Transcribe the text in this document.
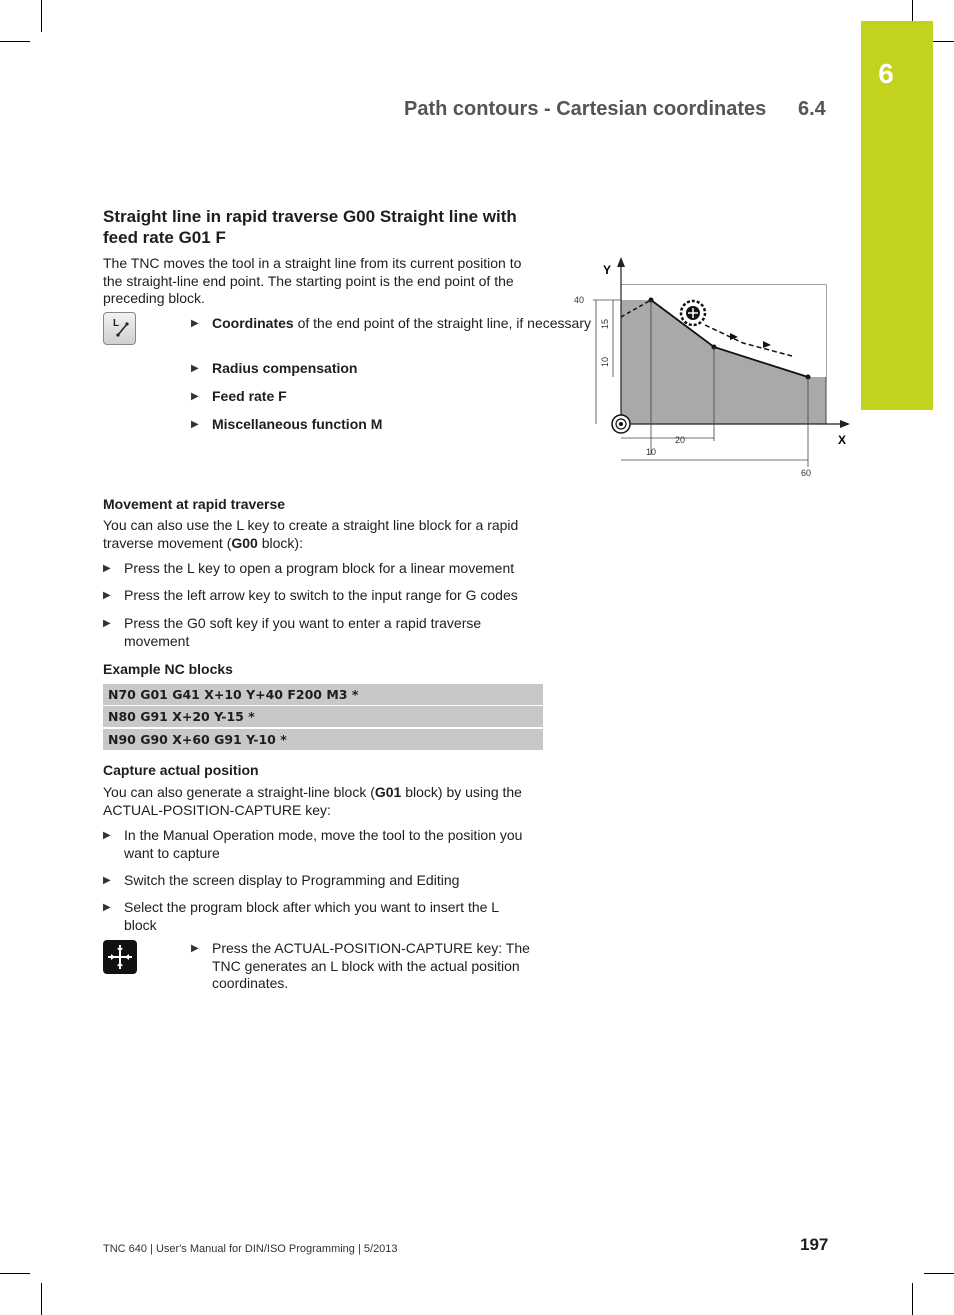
6
Path contours - Cartesian coordinates 6.4
Straight line in rapid traverse G00 Straight line with feed rate G01 F
The TNC moves the tool in a straight line from its current position to the straight-line end point. The starting point is the end point of the preceding block.
L	▶ Coordinates of the end point of the straight line, if necessary
▶ Radius compensation
▶ Feed rate F
▶ Miscellaneous function M
Y
X
40
15
10
20
10
60
Movement at rapid traverse
You can also use the L key to create a straight line block for a rapid traverse movement (G00 block):
▶ Press the L key to open a program block for a linear movement
▶ Press the left arrow key to switch to the input range for G codes
▶ Press the G0 soft key if you want to enter a rapid traverse movement
Example NC blocks
N70 G01 G41 X+10 Y+40 F200 M3 *
N80 G91 X+20 Y-15 *
N90 G90 X+60 G91 Y-10 *
Capture actual position
You can also generate a straight-line block (G01 block) by using the ACTUAL-POSITION-CAPTURE key:
▶ In the Manual Operation mode, move the tool to the position you want to capture
▶ Switch the screen display to Programming and Editing
▶ Select the program block after which you want to insert the L block
▶ Press the ACTUAL-POSITION-CAPTURE key: The TNC generates an L block with the actual position coordinates.
TNC 640 | User's Manual for DIN/ISO Programming | 5/2013	197
